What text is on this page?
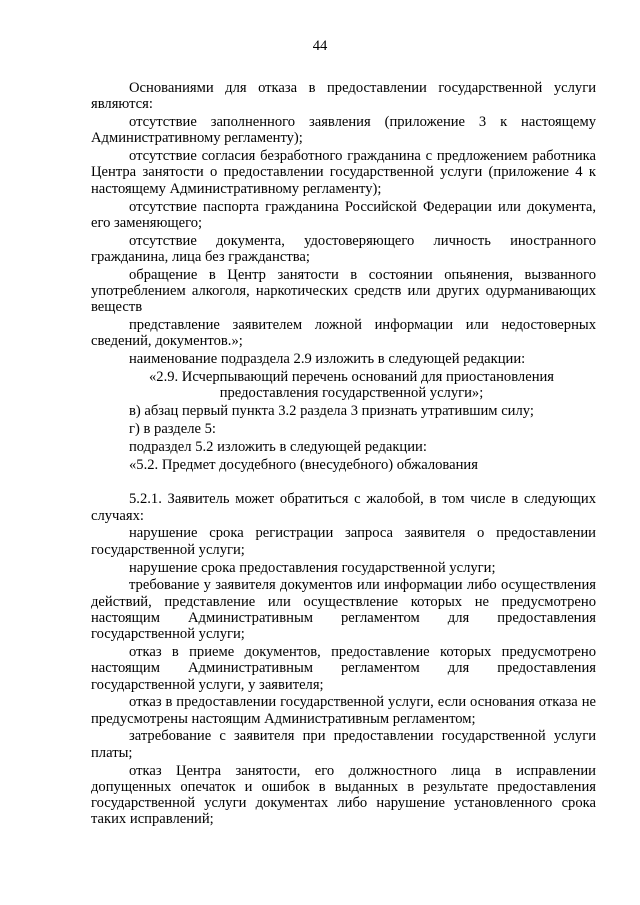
44

Основаниями для отказа в предоставлении государственной услуги являются:

отсутствие заполненного заявления (приложение 3 к настоящему Административному регламенту);

отсутствие согласия безработного гражданина с предложением работника Центра занятости о предоставлении государственной услуги (приложение 4 к настоящему Административному регламенту);

отсутствие паспорта гражданина Российской Федерации или документа, его заменяющего;

отсутствие документа, удостоверяющего личность иностранного гражданина, лица без гражданства;

обращение в Центр занятости в состоянии опьянения, вызванного употреблением алкоголя, наркотических средств или других одурманивающих веществ

представление заявителем ложной информации или недостоверных сведений, документов.»;

наименование подраздела 2.9 изложить в следующей редакции:

«2.9. Исчерпывающий перечень оснований для приостановления предоставления государственной услуги»;

в) абзац первый пункта 3.2 раздела 3 признать утратившим силу;

г) в разделе 5:

подраздел 5.2 изложить в следующей редакции:

«5.2. Предмет досудебного (внесудебного) обжалования

5.2.1. Заявитель может обратиться с жалобой, в том числе в следующих случаях:

нарушение срока регистрации запроса заявителя о предоставлении государственной услуги;

нарушение срока предоставления государственной услуги;

требование у заявителя документов или информации либо осуществления действий, представление или осуществление которых не предусмотрено настоящим Административным регламентом для предоставления государственной услуги;

отказ в приеме документов, предоставление которых предусмотрено настоящим Административным регламентом для предоставления государственной услуги, у заявителя;

отказ в предоставлении государственной услуги, если основания отказа не предусмотрены настоящим Административным регламентом;

затребование с заявителя при предоставлении государственной услуги платы;

отказ Центра занятости, его должностного лица в исправлении допущенных опечаток и ошибок в выданных в результате предоставления государственной услуги документах либо нарушение установленного срока таких исправлений;
